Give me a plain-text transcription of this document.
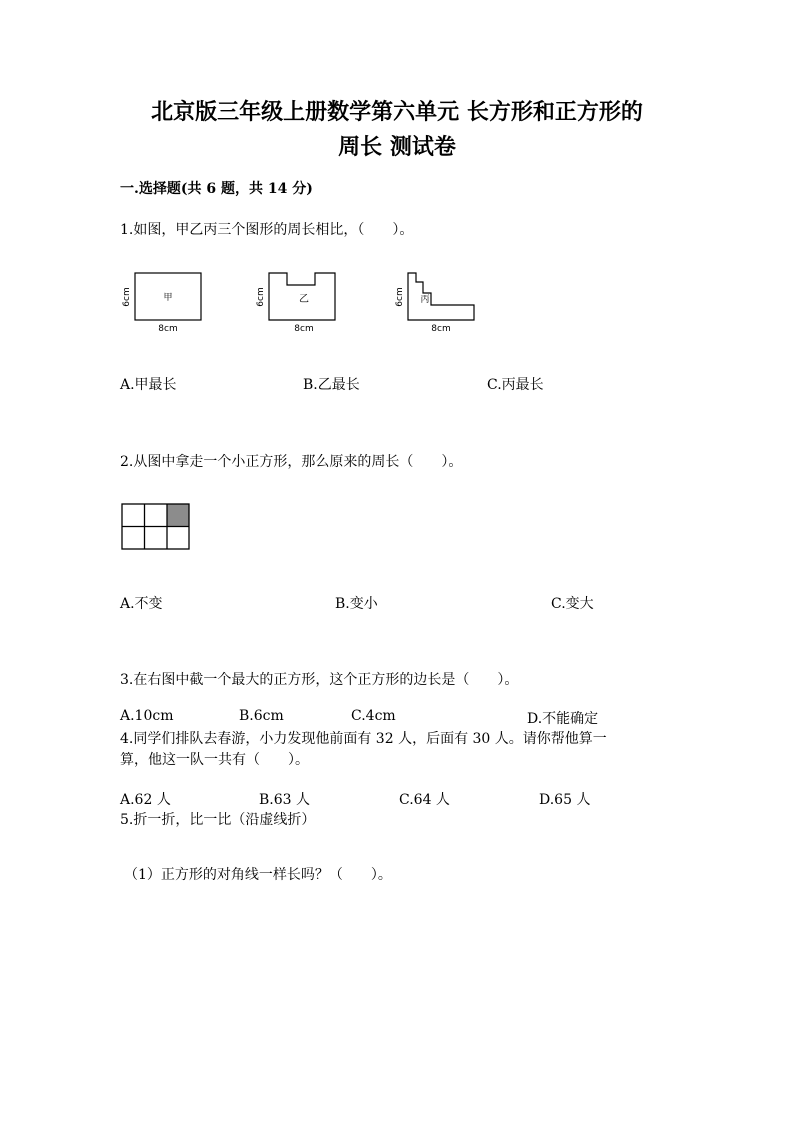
北京版三年级上册数学第六单元 长方形和正方形的
周长 测试卷
一.选择题(共 6 题，共 14 分)
1.如图，甲乙丙三个图形的周长相比，（　　）。
甲
6cm
8cm
乙
6cm
8cm
丙
6cm
8cm
A.甲最长	B.乙最长	C.丙最长
2.从图中拿走一个小正方形，那么原来的周长（　　）。
A.不变	B.变小	C.变大
3.在右图中截一个最大的正方形，这个正方形的边长是（　　）。
A.10cm	B.6cm	C.4cm	D.不能确定
4.同学们排队去春游，小力发现他前面有 32 人，后面有 30 人。请你帮他算一
算，他这一队一共有（　　）。
A.62 人	B.63 人	C.64 人	D.65 人
5.折一折，比一比（沿虚线折）
（1）正方形的对角线一样长吗？（　　）。
